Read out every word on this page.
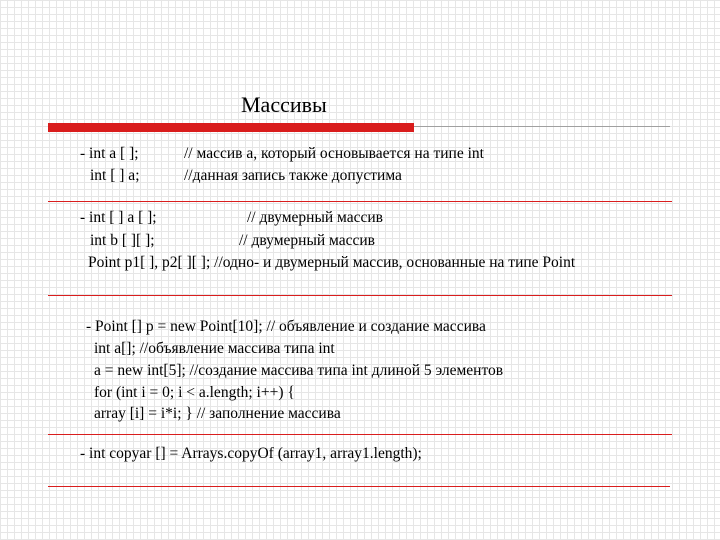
Массивы
- int a [ ];	// массив a, который основывается на типе int
int [ ] a;	//данная запись также допустима
- int [ ] a [ ];	// двумерный массив
int b [ ][ ];	// двумерный массив
Point p1[ ], p2[ ][ ]; //одно- и двумерный массив, основанные на типе Point
- Point [] p = new Point[10]; // объявление и создание массива
int a[]; //объявление массива типа int
a = new int[5]; //создание массива типа int длиной 5 элементов
for (int i = 0; i < a.length; i++) {
array [i] = i*i; } // заполнение массива
- int copyar [] = Arrays.copyOf (array1, array1.length);
